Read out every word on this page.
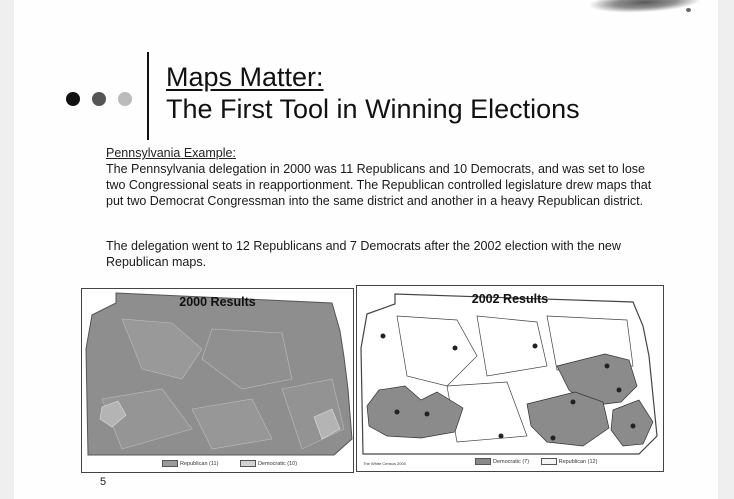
Maps Matter:
The First Tool in Winning Elections
Pennsylvania Example:
The Pennsylvania delegation in 2000 was 11 Republicans and 10 Democrats, and was set to lose two Congressional seats in reapportionment. The Republican controlled legislature drew maps that put two Democrat Congressman into the same district and another in a heavy Republican district.
The delegation went to 12 Republicans and 7 Democrats after the 2002 election with the new Republican maps.
2000 Results
Republican (11)	Democratic (10)
2002 Results
The White Census 2000	Democratic (7)	Republican (12)
5
